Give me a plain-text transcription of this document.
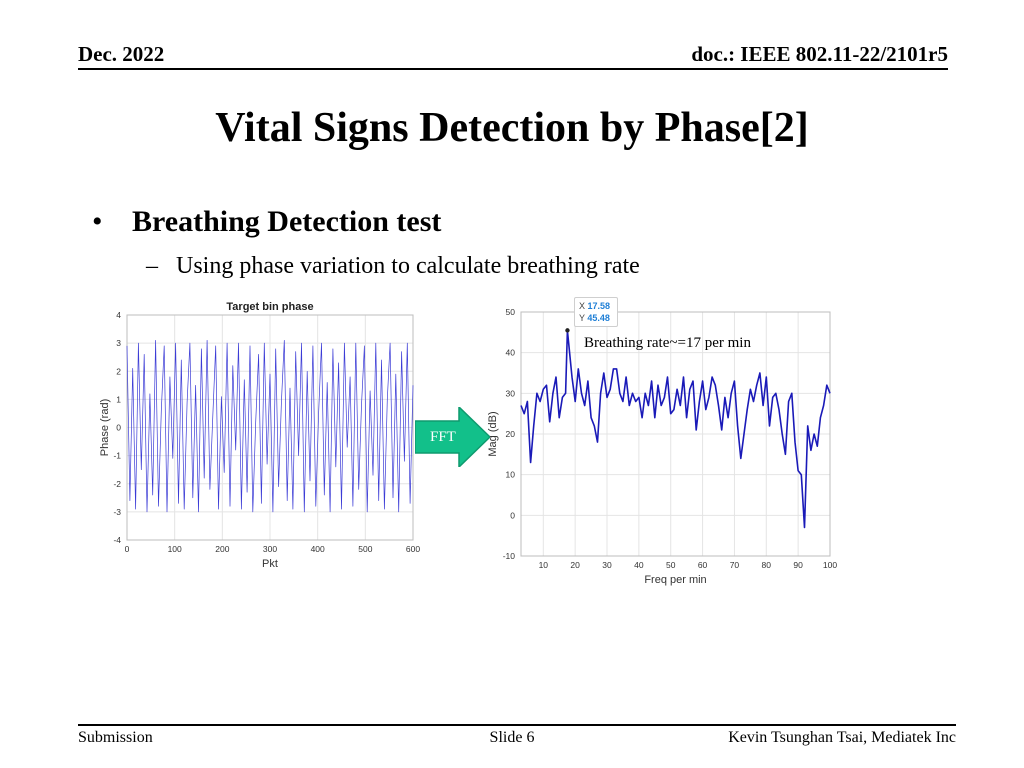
Dec. 2022	doc.: IEEE 802.11-22/2101r5
Vital Signs Detection by Phase[2]
• Breathing Detection test
– Using phase variation to calculate breathing rate
0	100	200	300	400	500	600
-4
-3
-2
-1
0
1
2
3
4
Target bin phase
Pkt
Phase (rad)	FFT
10	20	30	40	50	60	70	80	90 100
-10
0
10
20
30
40
50
Freq per min
Mag (dB)
X 17.58
Y 45.48
Breathing rate~=17 per min
Submission	Slide 6	Kevin Tsunghan Tsai, Mediatek Inc
